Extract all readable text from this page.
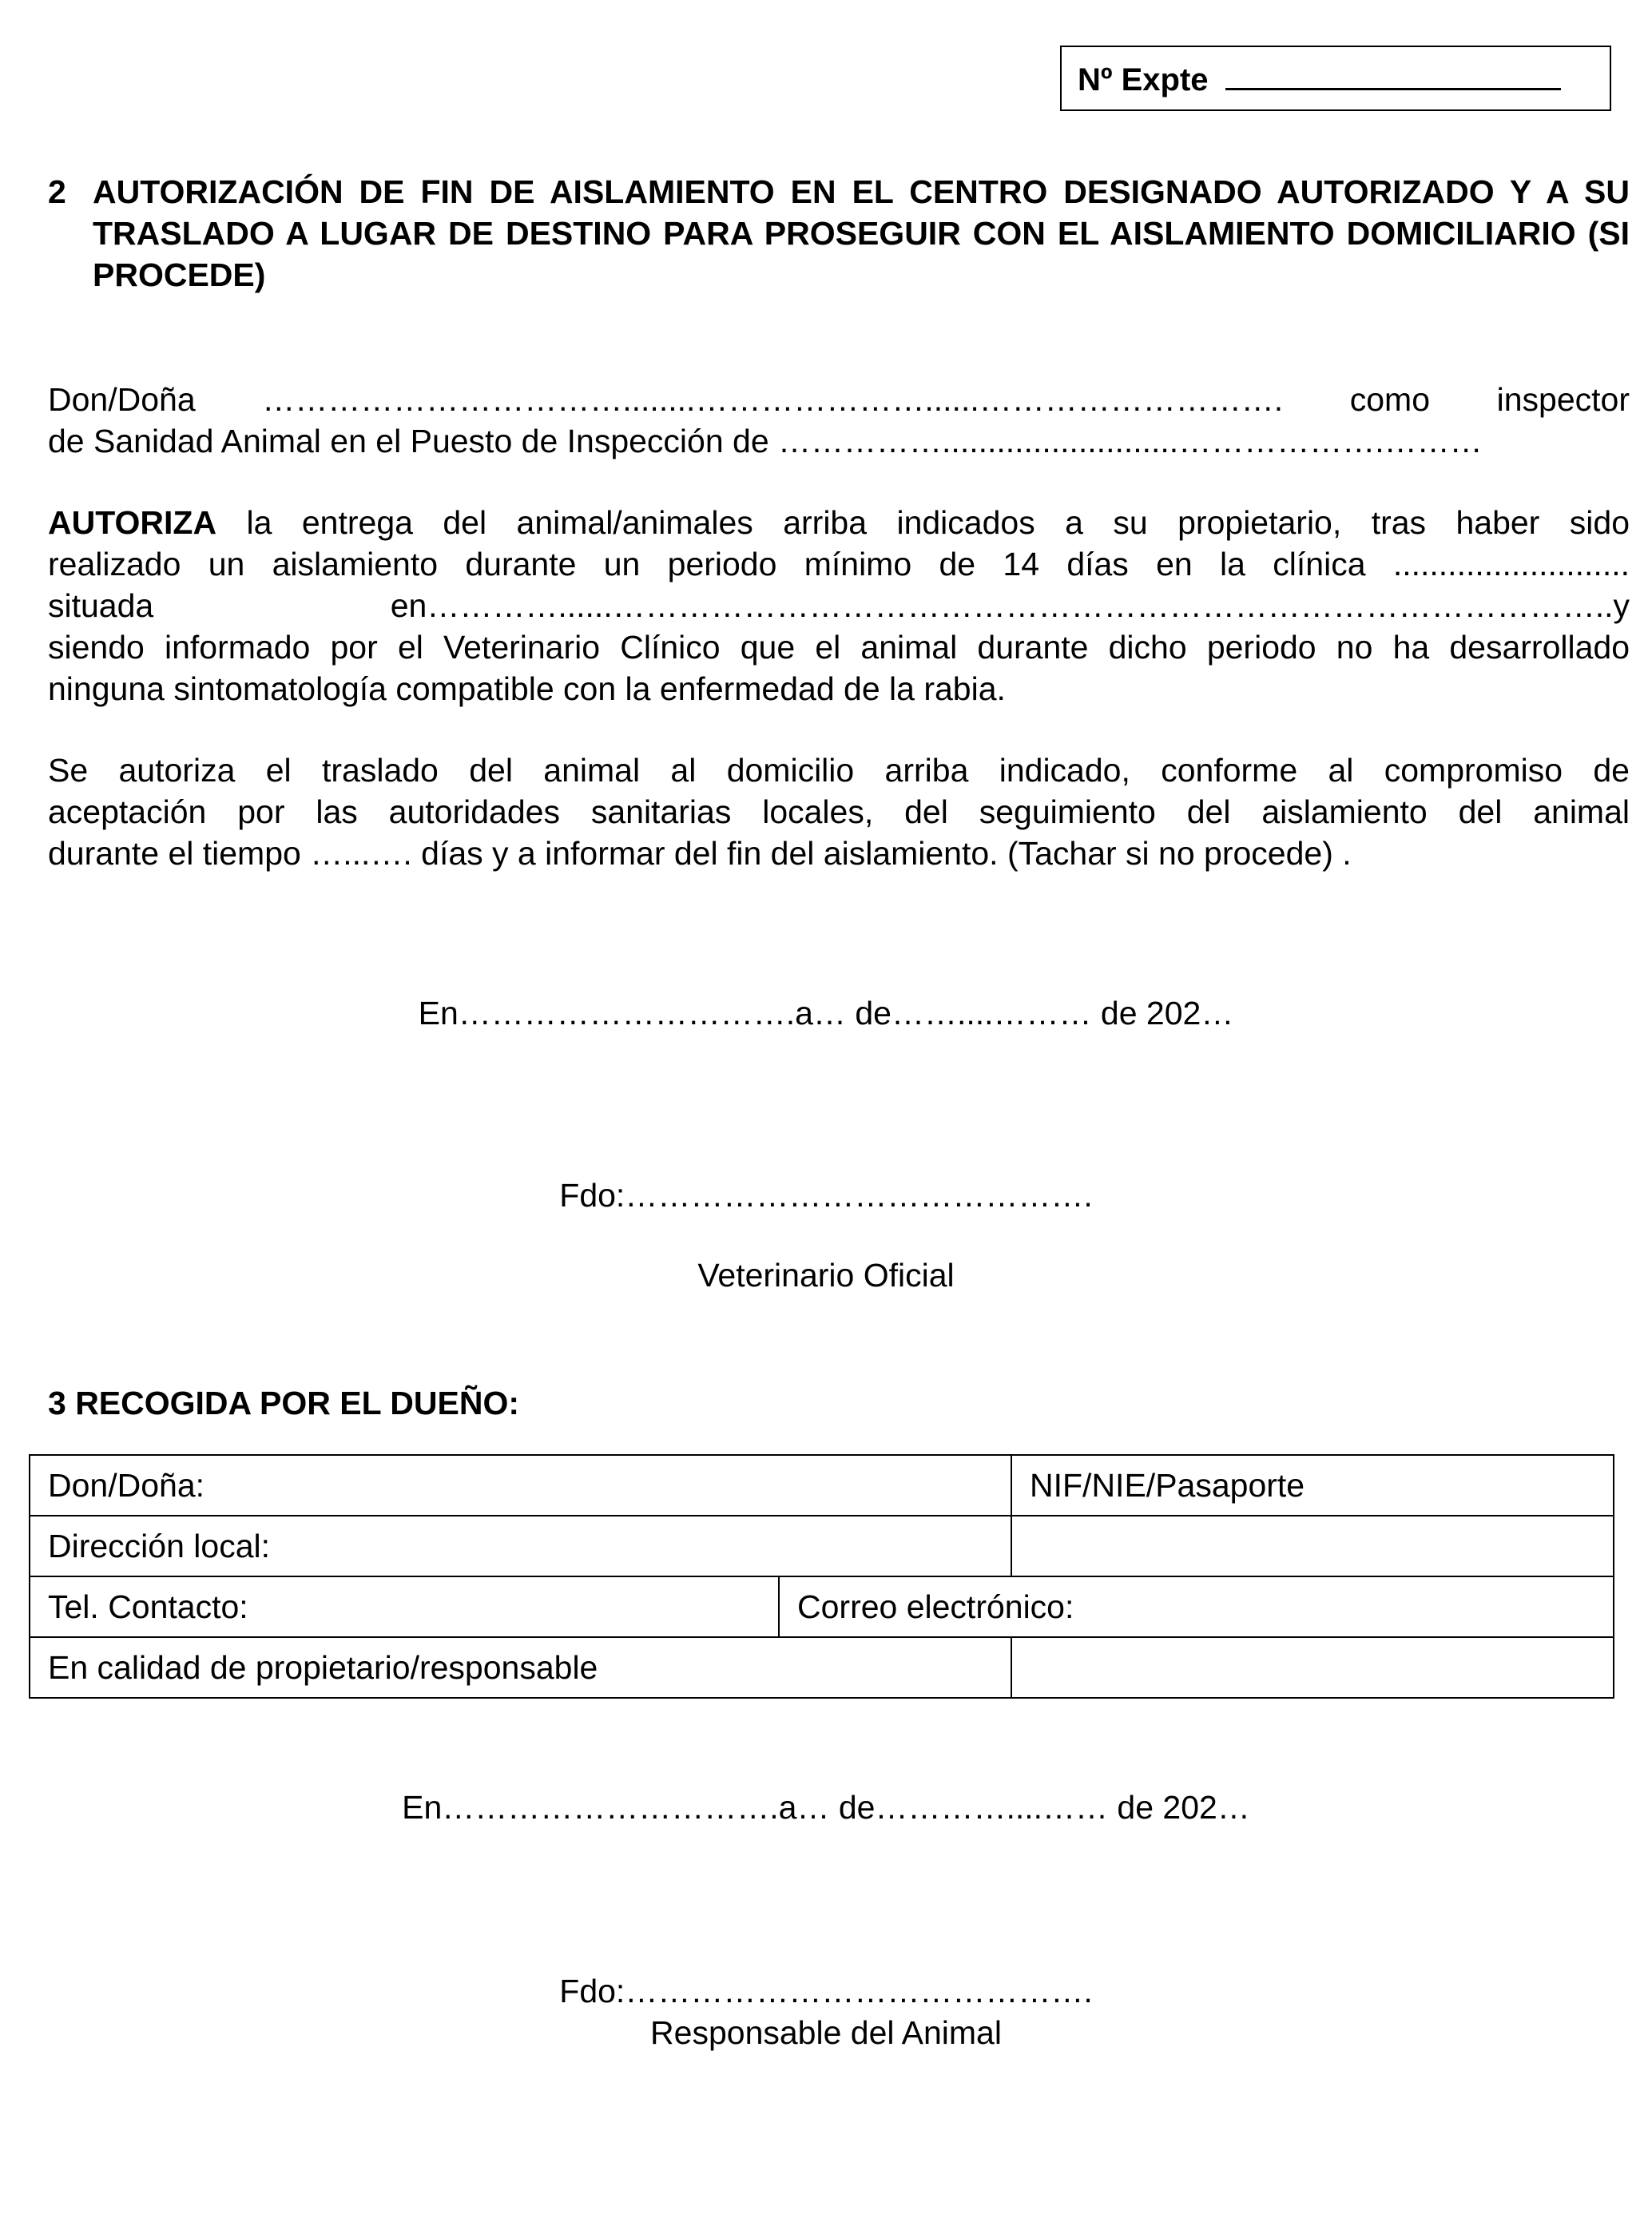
Nº Expte
2 AUTORIZACIÓN DE FIN DE AISLAMIENTO EN EL CENTRO DESIGNADO AUTORIZADO Y A SU TRASLADO A LUGAR DE DESTINO PARA PROSEGUIR CON EL AISLAMIENTO DOMICILIARIO (SI PROCEDE)
Don/Doña ……………………………........…………………......………………………. como inspector
de Sanidad Animal en el Puesto de Inspección de ……………..........................……………….………
AUTORIZA la entrega del animal/animales arriba indicados a su propietario, tras haber sido
realizado un aislamiento durante un periodo mínimo de 14 días en la clínica ..........................
situada en…………......………………………………………………………………………………..y
siendo informado por el Veterinario Clínico que el animal durante dicho periodo no ha desarrollado
ninguna sintomatología compatible con la enfermedad de la rabia.
Se autoriza el traslado del animal al domicilio arriba indicado, conforme al compromiso de
aceptación por las autoridades sanitarias locales, del seguimiento del aislamiento del animal
durante el tiempo …...…. días y a informar del fin del aislamiento. (Tachar si no procede) .
En………………………….a… de……....……… de 202…
Fdo:…………………………………….
Veterinario Oficial
3 RECOGIDA POR EL DUEÑO:
Don/Doña:		NIF/NIE/Pasaporte
Dirección local:		
Tel. Contacto:	Correo electrónico:	
En calidad de propietario/responsable		
En………………………….a… de…………....…… de 202…
Fdo:…………………………………….
Responsable del Animal
